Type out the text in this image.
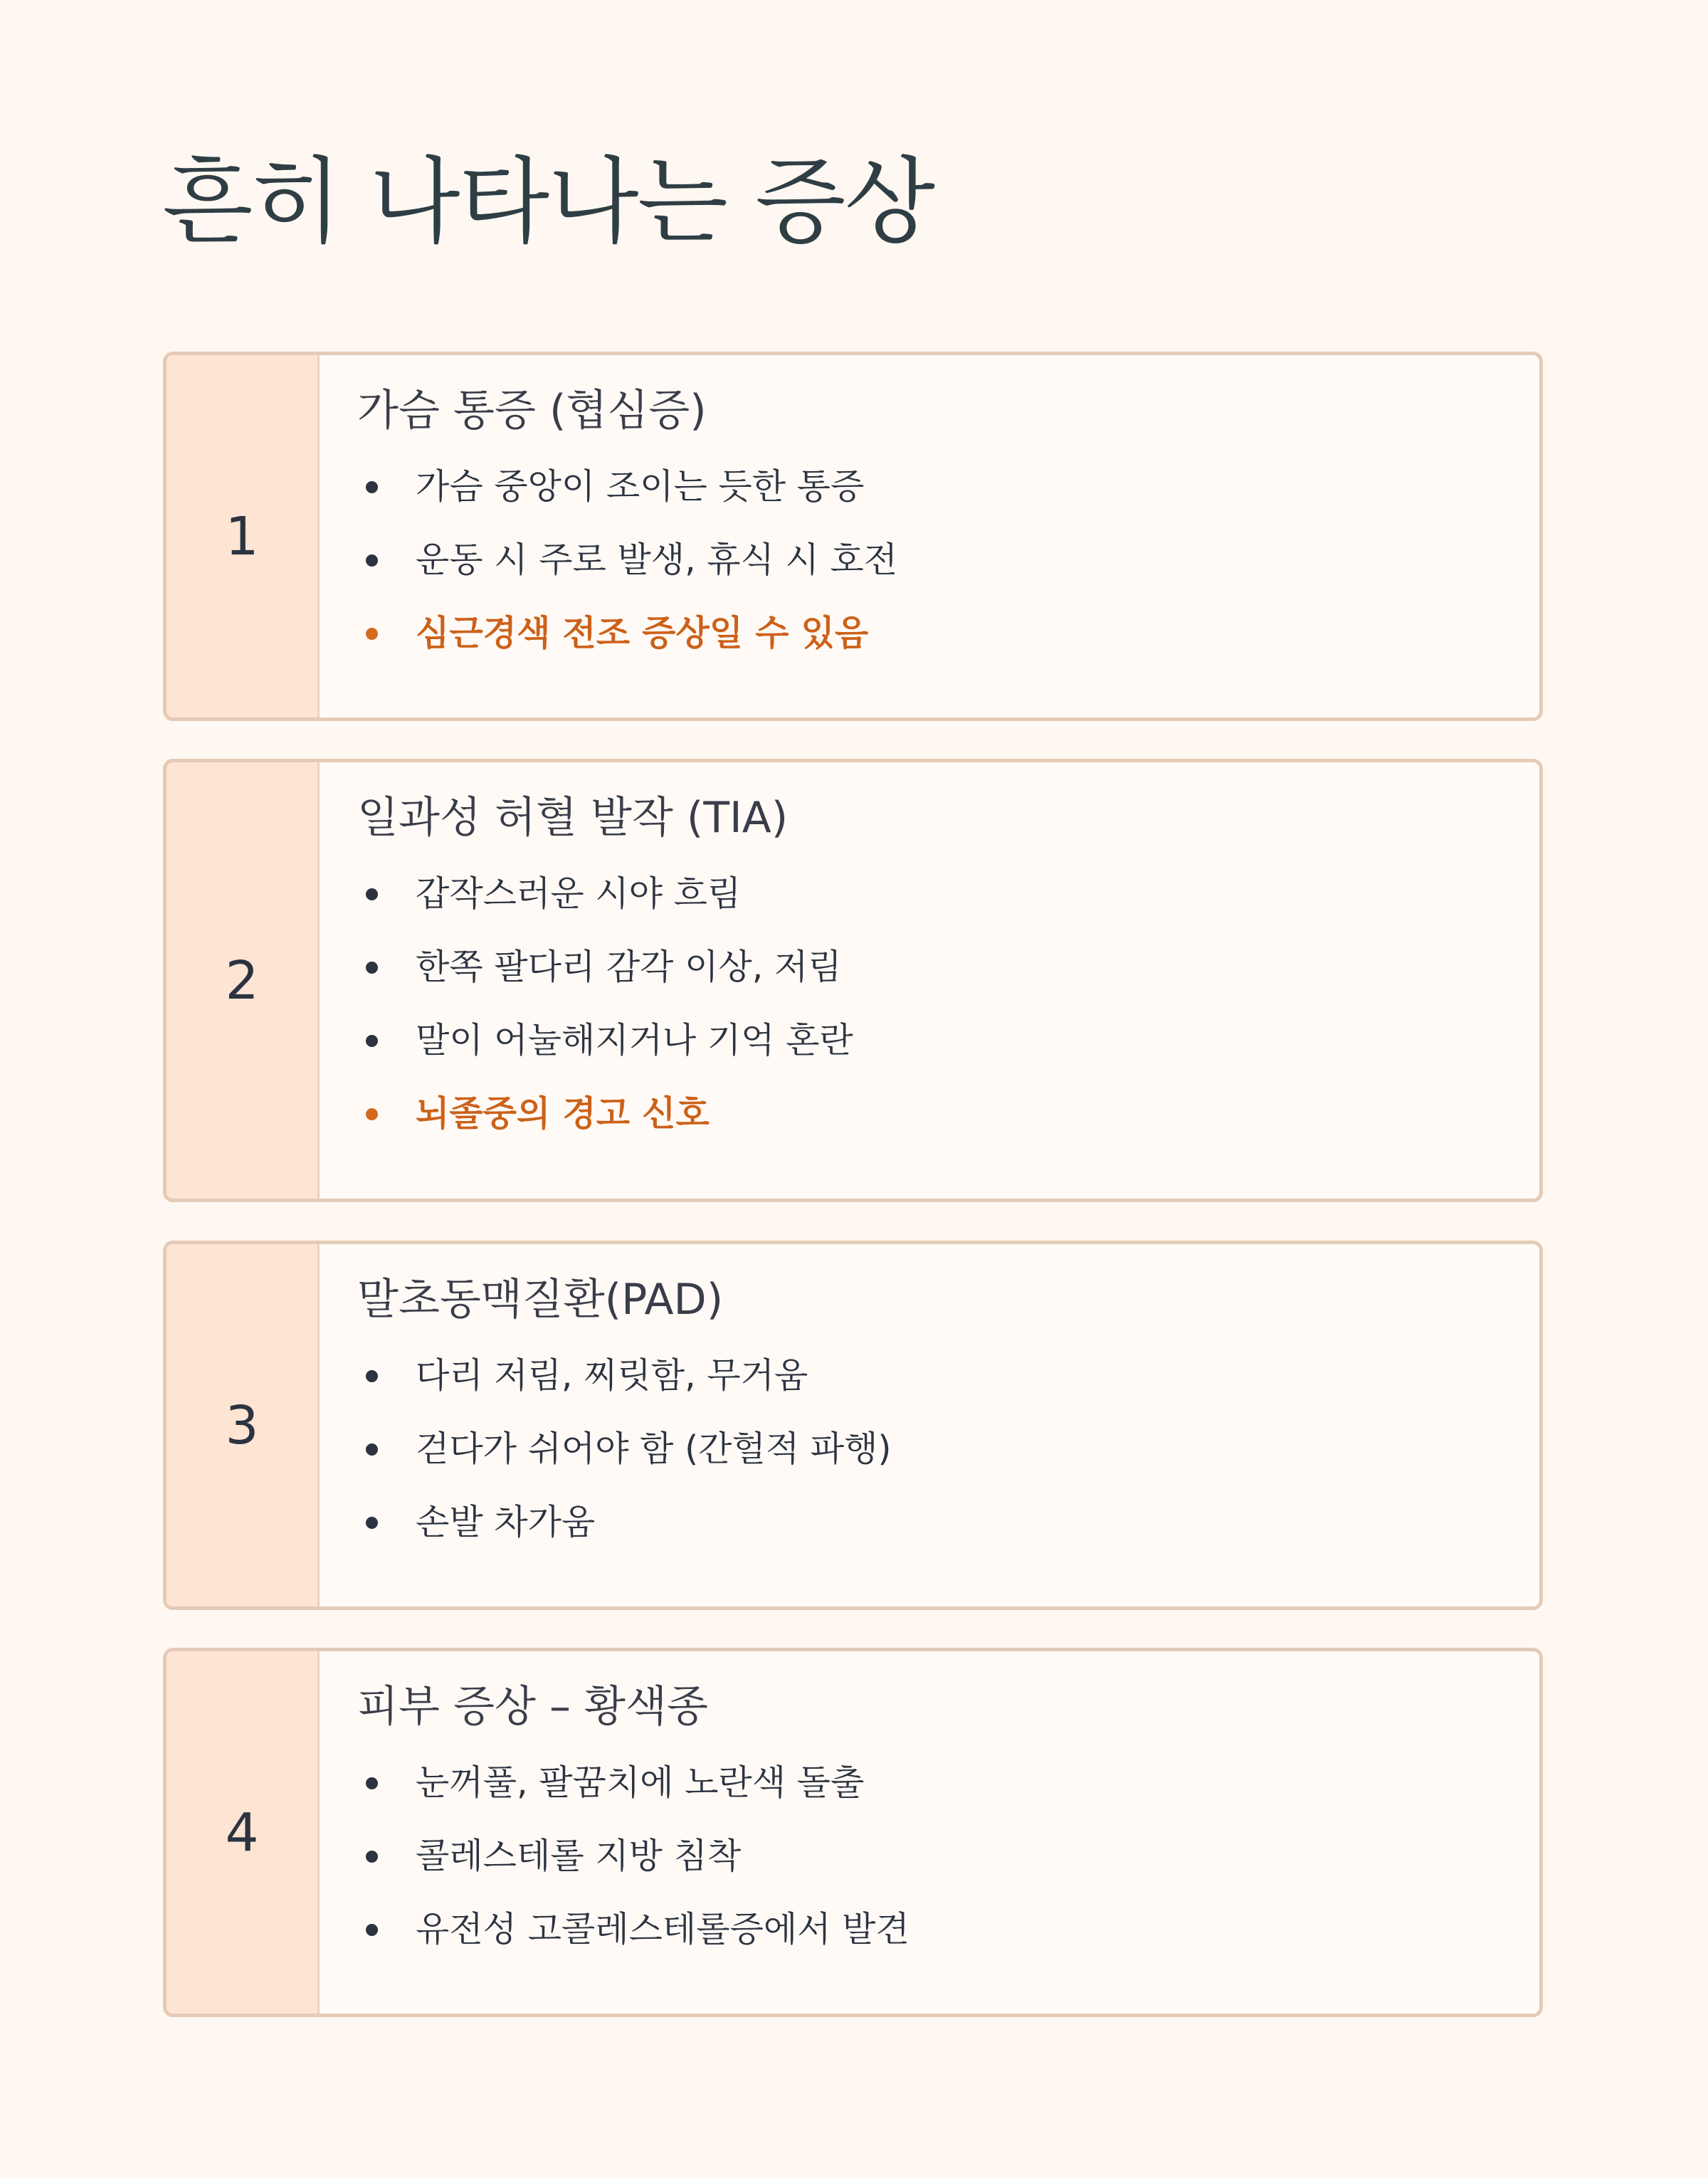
흔히 나타나는 증상
1
가슴 통증 (협심증)
가슴 중앙이 조이는 듯한 통증
운동 시 주로 발생, 휴식 시 호전
심근경색 전조 증상일 수 있음
2
일과성 허혈 발작 (TIA)
갑작스러운 시야 흐림
한쪽 팔다리 감각 이상, 저림
말이 어눌해지거나 기억 혼란
뇌졸중의 경고 신호
3
말초동맥질환(PAD)
다리 저림, 찌릿함, 무거움
걷다가 쉬어야 함 (간헐적 파행)
손발 차가움
4
피부 증상 – 황색종
눈꺼풀, 팔꿈치에 노란색 돌출
콜레스테롤 지방 침착
유전성 고콜레스테롤증에서 발견
